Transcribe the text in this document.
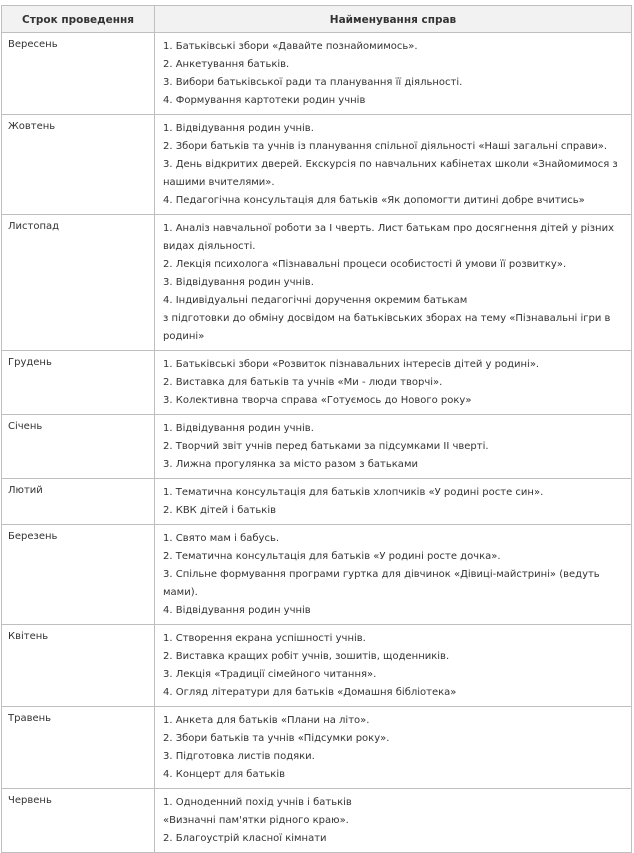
Строк проведення	Найменування справ
Вересень	1. Батьківські збори «Давайте познайомимось».
2. Анкетування батьків.
3. Вибори батьківської ради та планування її діяльності.
4. Формування картотеки родин учнів

Жовтень	1. Відвідування родин учнів.
2. Збори батьків та учнів із планування спільної діяльності «Наші загальні справи».
3. День відкритих дверей. Екскурсія по навчальних кабінетах школи «Знайомимося з нашими вчителями».
4. Педагогічна консультація для батьків «Як допомогти дитині добре вчитись»

Листопад	1. Аналіз навчальної роботи за I чверть. Лист батькам про досягнення дітей у різних видах діяльності.
2. Лекція психолога «Пізнавальні процеси особистості й умови її розвитку».
3. Відвідування родин учнів.
4. Індивідуальні педагогічні доручення окремим батькам
з підготовки до обміну досвідом на батьківських зборах на тему «Пізнавальні ігри в родині»

Грудень	1. Батьківські збори «Розвиток пізнавальних інтересів дітей у родині».
2. Виставка для батьків та учнів «Ми - люди творчі».
3. Колективна творча справа «Готуємось до Нового року»

Січень	1. Відвідування родин учнів.
2. Творчий звіт учнів перед батьками за підсумками II чверті.
3. Лижна прогулянка за місто разом з батьками

Лютий	1. Тематична консультація для батьків хлопчиків «У родині росте син».
2. КВК дітей і батьків

Березень	1. Свято мам і бабусь.
2. Тематична консультація для батьків «У родині росте дочка».
3. Спільне формування програми гуртка для дівчинок «Дівиці-майстрині» (ведуть мами).
4. Відвідування родин учнів

Квітень	1. Створення екрана успішності учнів.
2. Виставка кращих робіт учнів, зошитів, щоденників.
3. Лекція «Традиції сімейного читання».
4. Огляд літератури для батьків «Домашня бібліотека»

Травень	1. Анкета для батьків «Плани на літо».
2. Збори батьків та учнів «Підсумки року».
3. Підготовка листів подяки.
4. Концерт для батьків

Червень	1. Одноденний похід учнів і батьків
«Визначні пам'ятки рідного краю».
2. Благоустрій класної кімнати
